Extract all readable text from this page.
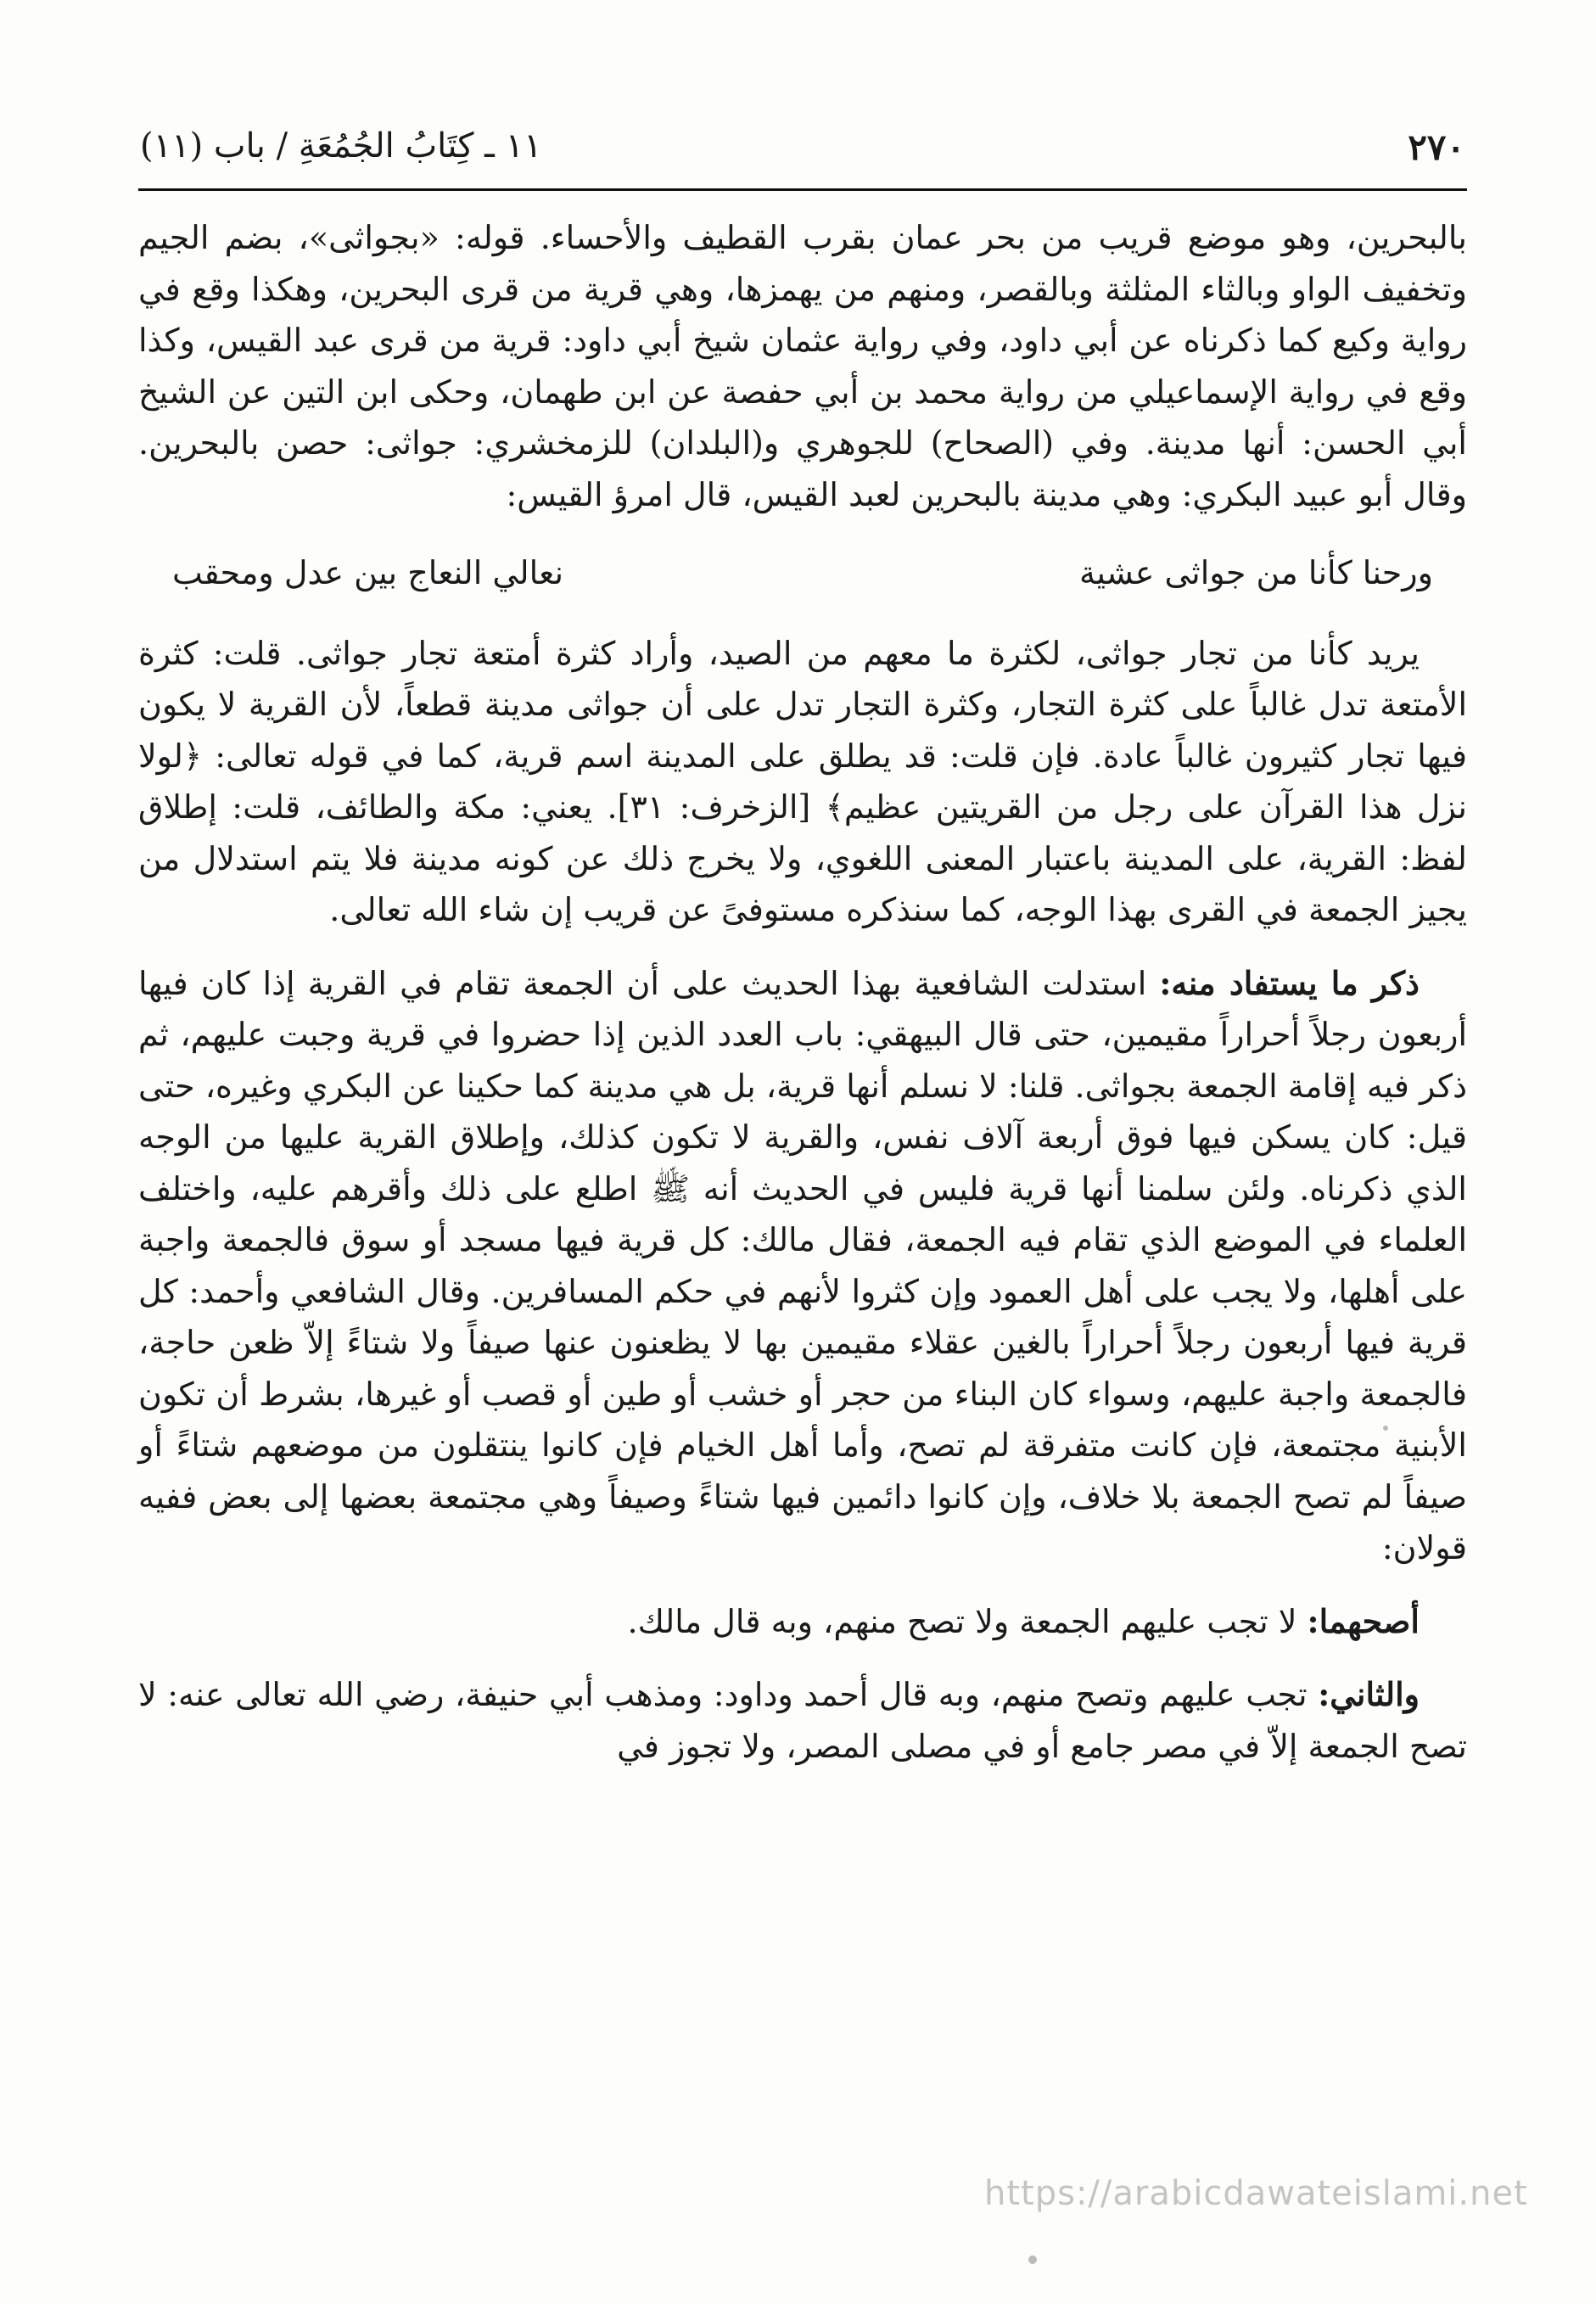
٢٧٠
١١ ـ كِتَابُ الجُمُعَةِ / باب (١١)

بالبحرين، وهو موضع قريب من بحر عمان بقرب القطيف والأحساء. قوله: «بجواثى»، بضم الجيم وتخفيف الواو وبالثاء المثلثة وبالقصر، ومنهم من يهمزها، وهي قرية من قرى البحرين، وهكذا وقع في رواية وكيع كما ذكرناه عن أبي داود، وفي رواية عثمان شيخ أبي داود: قرية من قرى عبد القيس، وكذا وقع في رواية الإسماعيلي من رواية محمد بن أبي حفصة عن ابن طهمان، وحكى ابن التين عن الشيخ أبي الحسن: أنها مدينة. وفي (الصحاح) للجوهري و(البلدان) للزمخشري: جواثى: حصن بالبحرين. وقال أبو عبيد البكري: وهي مدينة بالبحرين لعبد القيس، قال امرؤ القيس:

ورحنا كأنا من جواثى عشية
نعالي النعاج بين عدل ومحقب

يريد كأنا من تجار جواثى، لكثرة ما معهم من الصيد، وأراد كثرة أمتعة تجار جواثى. قلت: كثرة الأمتعة تدل غالباً على كثرة التجار، وكثرة التجار تدل على أن جواثى مدينة قطعاً، لأن القرية لا يكون فيها تجار كثيرون غالباً عادة. فإن قلت: قد يطلق على المدينة اسم قرية، كما في قوله تعالى: ﴿لولا نزل هذا القرآن على رجل من القريتين عظيم﴾ [الزخرف: ٣١]. يعني: مكة والطائف، قلت: إطلاق لفظ: القرية، على المدينة باعتبار المعنى اللغوي، ولا يخرج ذلك عن كونه مدينة فلا يتم استدلال من يجيز الجمعة في القرى بهذا الوجه، كما سنذكره مستوفىً عن قريب إن شاء الله تعالى.

ذكر ما يستفاد منه: استدلت الشافعية بهذا الحديث على أن الجمعة تقام في القرية إذا كان فيها أربعون رجلاً أحراراً مقيمين، حتى قال البيهقي: باب العدد الذين إذا حضروا في قرية وجبت عليهم، ثم ذكر فيه إقامة الجمعة بجواثى. قلنا: لا نسلم أنها قرية، بل هي مدينة كما حكينا عن البكري وغيره، حتى قيل: كان يسكن فيها فوق أربعة آلاف نفس، والقرية لا تكون كذلك، وإطلاق القرية عليها من الوجه الذي ذكرناه. ولئن سلمنا أنها قرية فليس في الحديث أنه ﷺ اطلع على ذلك وأقرهم عليه، واختلف العلماء في الموضع الذي تقام فيه الجمعة، فقال مالك: كل قرية فيها مسجد أو سوق فالجمعة واجبة على أهلها، ولا يجب على أهل العمود وإن كثروا لأنهم في حكم المسافرين. وقال الشافعي وأحمد: كل قرية فيها أربعون رجلاً أحراراً بالغين عقلاء مقيمين بها لا يظعنون عنها صيفاً ولا شتاءً إلاّ ظعن حاجة، فالجمعة واجبة عليهم، وسواء كان البناء من حجر أو خشب أو طين أو قصب أو غيرها، بشرط أن تكون الأبنية مجتمعة، فإن كانت متفرقة لم تصح، وأما أهل الخيام فإن كانوا ينتقلون من موضعهم شتاءً أو صيفاً لم تصح الجمعة بلا خلاف، وإن كانوا دائمين فيها شتاءً وصيفاً وهي مجتمعة بعضها إلى بعض ففيه قولان:

أصحهما: لا تجب عليهم الجمعة ولا تصح منهم، وبه قال مالك.

والثاني: تجب عليهم وتصح منهم، وبه قال أحمد وداود: ومذهب أبي حنيفة، رضي الله تعالى عنه: لا تصح الجمعة إلاّ في مصر جامع أو في مصلى المصر، ولا تجوز في

https://arabicdawateislami.net
